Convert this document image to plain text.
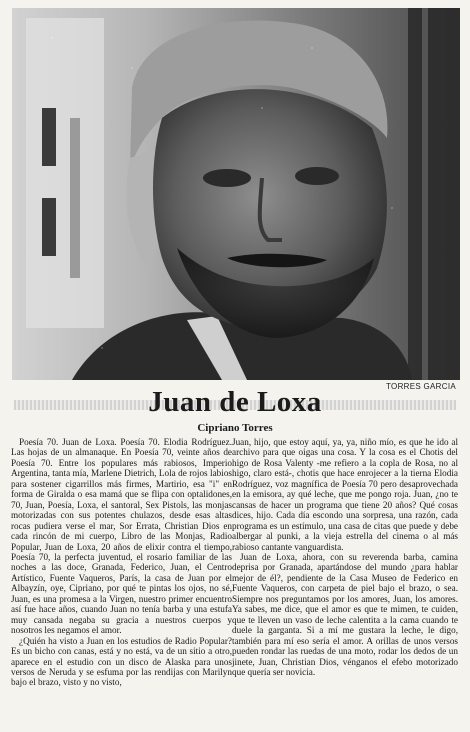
TORRES GARCIA
Juan de Loxa
Cipriano Torres

Poesía 70. Juan de Loxa. Poesía 70. Elodia Rodríguez. Las hojas de un almanaque. En Poesía 70, veinte años de Poesía 70. Entre los populares más rabiosos, Imperio Argentina, tanta mía, Marlene Dietrich, Lola de rojos labios para sostener cigarrillos más firmes, Martirio, esa "i" en forma de Giralda o esa mamá que se flipa con optalidones, 70, Juan, Poesía, Loxa, el santoral, Sex Pistols, las monjas motorizadas con sus potentes chulazos, desde esas altas rocas pudiera verse el mar, Sor Errata, Christian Dios en cada rincón de mi cuerpo, Libro de las Monjas, Radio Popular, Juan de Loxa, 20 años de elixir contra el tiempo, Poesía 70, la perfecta juventud, el rosario familiar de las noches a las doce, Granada, Federico, Juan, el Centro Artístico, Fuente Vaqueros, París, la casa de Juan por el Albayzín, oye, Cipriano, por qué te pintas los ojos, no sé, Juan, es una promesa a la Virgen, nuestro primer encuentro así fue hace años, cuando Juan no tenía barba y una estufa muy cansada negaba su gracia a nuestros cuerpos y nosotros les negamos el amor.

¿Quién ha visto a Juan en los estudios de Radio Popular? Es un bicho con canas, está y no está, va de un sitio a otro, aparece en el estudio con un disco de Alaska para unos versos de Neruda y se esfuma por las rendijas con Marilyn bajo el brazo, visto y no visto,

Juan, hijo, que estoy aquí, ya, ya, niño mío, es que he ido al archivo para que oigas una cosa. Y la cosa es el Chotis del higo de Rosa Valenty -me refiero a la copla de Rosa, no al higo, claro está-, chotis que hace enrojecer a la tierna Elodia Rodríguez, voz magnífica de Poesía 70 pero desaprovechada en la emisora, ay qué leche, que me pongo roja. Juan, ¿no te cansas de hacer un programa que tiene 20 años? Qué cosas dices, hijo. Cada día escondo una sorpresa, una razón, cada programa es un estímulo, una casa de citas que puede y debe albergar al punki, a la vieja estrella del cinema o al más rabioso cantante vanguardista.

Juan de Loxa, ahora, con su reverenda barba, camina deprisa por Granada, apartándose del mundo ¿para hablar mejor de él?, pendiente de la Casa Museo de Federico en Fuente Vaqueros, con carpeta de piel bajo el brazo, o sea. Siempre nos preguntamos por los amores, Juan, los amores. Ya sabes, me dice, que el amor es que te mimen, te cuiden, que te lleven un vaso de leche calentita a la cama cuando te duele la garganta. Si a mí me gustara la leche, le digo, también para mí eso sería el amor. A orillas de unos versos pueden rondar las ruedas de una moto, rodar los dedos de un jinete, Juan, Christian Dios, vénganos el efebo motorizado que quería ser novicia.
